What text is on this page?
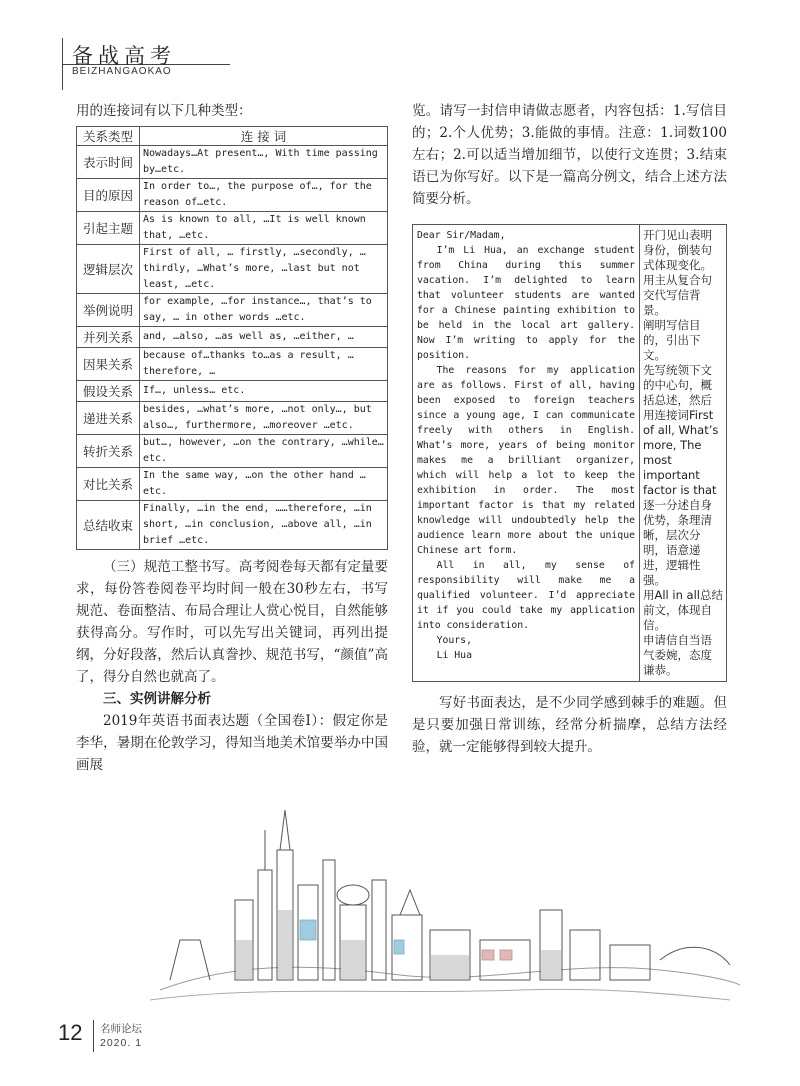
备战高考
BEIZHANGAOKAO

用的连接词有以下几种类型：

关系类型	连 接 词
表示时间	Nowadays…At present…, With time passing by…etc.
目的原因	In order to…, the purpose of…, for the reason of…etc.
引起主题	As is known to all, …It is well known that, …etc.
逻辑层次	First of all, … firstly, …secondly, …thirdly, …What’s more, …last but not least, …etc.
举例说明	for example, …for instance…, that’s to say, … in other words …etc.
并列关系	and, …also, …as well as, …either, …
因果关系	because of…thanks to…as a result, …therefore, …
假设关系	If…, unless… etc.
递进关系	besides, …what’s more, …not only…, but also…, furthermore, …moreover …etc.
转折关系	but…, however, …on the contrary, …while…etc.
对比关系	In the same way, …on the other hand …etc.
总结收束	Finally, …in the end, ……therefore, …in short, …in conclusion, …above all, …in brief …etc.

（三）规范工整书写。高考阅卷每天都有定量要求，每份答卷阅卷平均时间一般在30秒左右，书写规范、卷面整洁、布局合理让人赏心悦目，自然能够获得高分。写作时，可以先写出关键词，再列出提纲，分好段落，然后认真誊抄、规范书写，“颜值”高了，得分自然也就高了。

三、实例讲解分析

2019年英语书面表达题（全国卷Ⅰ）：假定你是李华，暑期在伦敦学习，得知当地美术馆要举办中国画展

览。请写一封信申请做志愿者，内容包括：1.写信目的；2.个人优势；3.能做的事情。注意：1.词数100左右；2.可以适当增加细节，以使行文连贯；3.结束语已为你写好。以下是一篇高分例文，结合上述方法简要分析。

Dear Sir/Madam,

I’m Li Hua, an exchange student from China during this summer vacation. I’m delighted to learn that volunteer students are wanted for a Chinese painting exhibition to be held in the local art gallery. Now I’m writing to apply for the position.

The reasons for my application are as follows. First of all, having been exposed to foreign teachers since a young age, I can communicate freely with others in English. What’s more, years of being monitor makes me a brilliant organizer, which will help a lot to keep the exhibition in order. The most important factor is that my related knowledge will undoubtedly help the audience learn more about the unique Chinese art form.

All in all, my sense of responsibility will make me a qualified volunteer. I’d appreciate it if you could take my application into consideration.

Yours,

Li Hua

开门见山表明身份，倒装句式体现变化。

用主从复合句交代写信背景。

阐明写信目的，引出下文。

先写统领下文的中心句，概括总述，然后用连接词First of all, What’s more, The most important factor is that逐一分述自身优势，条理清晰，层次分明，语意递进，逻辑性强。

用All in all总结前文，体现自信。

申请信自当语气委婉，态度谦恭。

写好书面表达，是不少同学感到棘手的难题。但是只要加强日常训练，经常分析揣摩，总结方法经验，就一定能够得到较大提升。

12 名师论坛
2020. 1
